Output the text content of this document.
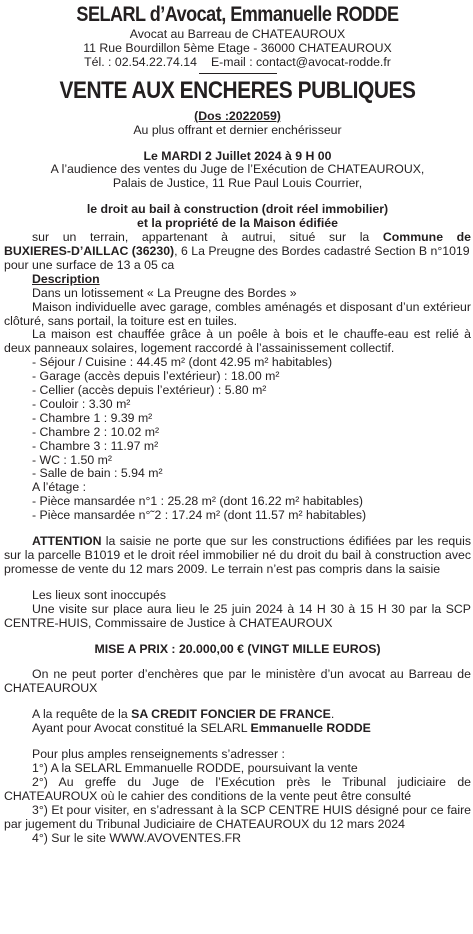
SELARL d’Avocat, Emmanuelle RODDE
Avocat au Barreau de CHATEAUROUX
11 Rue Bourdillon 5ème Etage - 36000 CHATEAUROUX
Tél. : 02.54.22.74.14 E-mail : contact@avocat-rodde.fr
VENTE AUX ENCHERES PUBLIQUES
(Dos :2022059)
Au plus offrant et dernier enchérisseur
Le MARDI 2 Juillet 2024 à 9 H 00
A l’audience des ventes du Juge de l’Exécution de CHATEAUROUX,
Palais de Justice, 11 Rue Paul Louis Courrier,
le droit au bail à construction (droit réel immobilier)
et la propriété de la Maison édifiée
sur un terrain, appartenant à autrui, situé sur la Commune de
BUXIERES-D’AILLAC (36230), 6 La Preugne des Bordes cadastré Section B n°1019
pour une surface de 13 a 05 ca
Description
Dans un lotissement « La Preugne des Bordes »
Maison individuelle avec garage, combles aménagés et disposant d’un extérieur clôturé, sans portail, la toiture est en tuiles.
La maison est chauffée grâce à un poêle à bois et le chauffe-eau est relié à deux panneaux solaires, logement raccordé à l’assainissement collectif.
- Séjour / Cuisine : 44.45 m² (dont 42.95 m² habitables)
- Garage (accès depuis l’extérieur) : 18.00 m²
- Cellier (accès depuis l’extérieur) : 5.80 m²
- Couloir : 3.30 m²
- Chambre 1 : 9.39 m²
- Chambre 2 : 10.02 m²
- Chambre 3 : 11.97 m²
- WC : 1.50 m²
- Salle de bain : 5.94 m²
A l’étage :
- Pièce mansardée n°1 : 25.28 m² (dont 16.22 m² habitables)
- Pièce mansardée n°˜2 : 17.24 m² (dont 11.57 m² habitables)
ATTENTION la saisie ne porte que sur les constructions édifiées par les requis sur la parcelle B1019 et le droit réel immobilier né du droit du bail à construction avec promesse de vente du 12 mars 2009. Le terrain n’est pas compris dans la saisie
Les lieux sont inoccupés
Une visite sur place aura lieu le 25 juin 2024 à 14 H 30 à 15 H 30 par la SCP CENTRE-HUIS, Commissaire de Justice à CHATEAUROUX
MISE A PRIX : 20.000,00 € (VINGT MILLE EUROS)
On ne peut porter d’enchères que par le ministère d’un avocat au Barreau de CHATEAUROUX
A la requête de la SA CREDIT FONCIER DE FRANCE.
Ayant pour Avocat constitué la SELARL Emmanuelle RODDE
Pour plus amples renseignements s’adresser :
1°) A la SELARL Emmanuelle RODDE, poursuivant la vente
2°) Au greffe du Juge de l’Exécution près le Tribunal judiciaire de CHATEAUROUX où le cahier des conditions de la vente peut être consulté
3°) Et pour visiter, en s’adressant à la SCP CENTRE HUIS désigné pour ce faire par jugement du Tribunal Judiciaire de CHATEAUROUX du 12 mars 2024
4°) Sur le site WWW.AVOVENTES.FR
